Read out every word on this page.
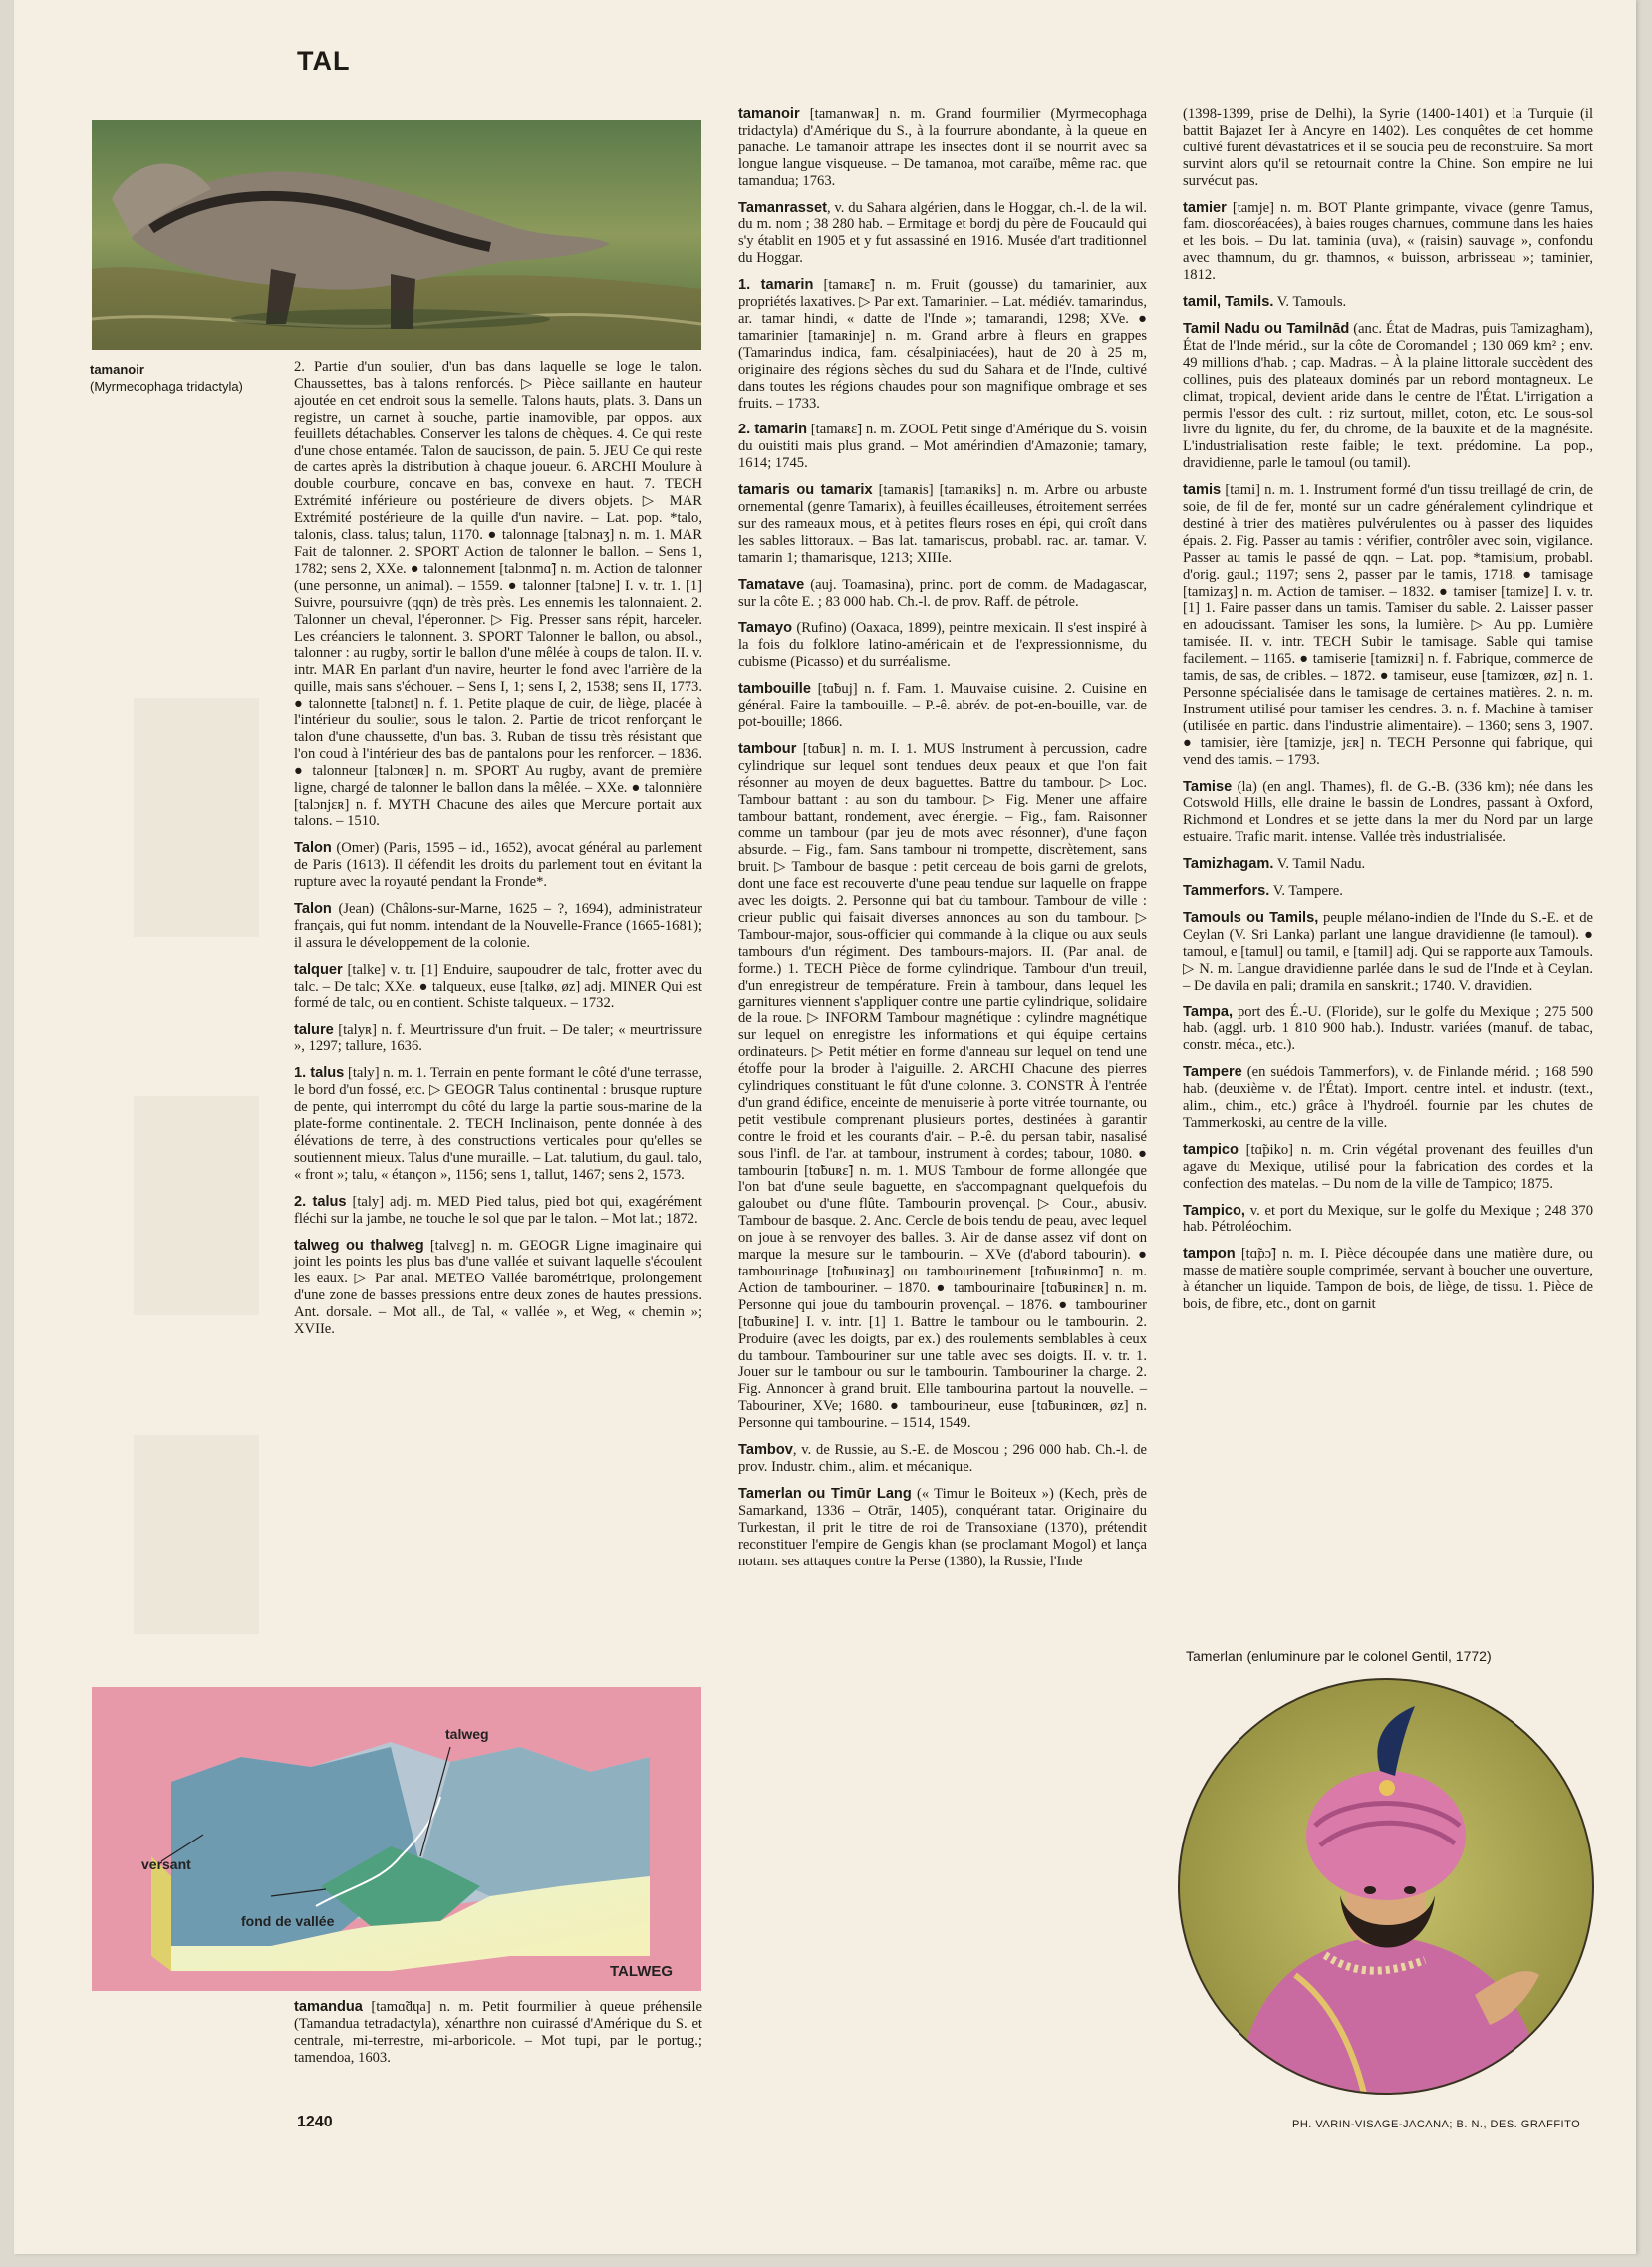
TAL
tamanoir
(Myrmecophaga tridactyla)
2. Partie d'un soulier, d'un bas dans laquelle se loge le talon. Chaussettes, bas à talons renforcés. ▷ Pièce saillante en hauteur ajoutée en cet endroit sous la semelle. Talons hauts, plats. 3. Dans un registre, un carnet à souche, partie inamovible, par oppos. aux feuillets détachables. Conserver les talons de chèques. 4. Ce qui reste d'une chose entamée. Talon de saucisson, de pain. 5. JEU Ce qui reste de cartes après la distribution à chaque joueur. 6. ARCHI Moulure à double courbure, concave en bas, convexe en haut. 7. TECH Extrémité inférieure ou postérieure de divers objets. ▷ MAR Extrémité postérieure de la quille d'un navire. – Lat. pop. *talo, talonis, class. talus; talun, 1170. ● talonnage [talɔnaʒ] n. m. 1. MAR Fait de talonner. 2. SPORT Action de talonner le ballon. – Sens 1, 1782; sens 2, XXe. ● talonnement [talɔnmɑ̃] n. m. Action de talonner (une personne, un animal). – 1559. ● talonner [talɔne] I. v. tr. 1. [1] Suivre, poursuivre (qqn) de très près. Les ennemis les talonnaient. 2. Talonner un cheval, l'éperonner. ▷ Fig. Presser sans répit, harceler. Les créanciers le talonnent. 3. SPORT Talonner le ballon, ou absol., talonner : au rugby, sortir le ballon d'une mêlée à coups de talon. II. v. intr. MAR En parlant d'un navire, heurter le fond avec l'arrière de la quille, mais sans s'échouer. – Sens I, 1; sens I, 2, 1538; sens II, 1773. ● talonnette [talɔnɛt] n. f. 1. Petite plaque de cuir, de liège, placée à l'intérieur du soulier, sous le talon. 2. Partie de tricot renforçant le talon d'une chaussette, d'un bas. 3. Ruban de tissu très résistant que l'on coud à l'intérieur des bas de pantalons pour les renforcer. – 1836. ● talonneur [talɔnœʀ] n. m. SPORT Au rugby, avant de première ligne, chargé de talonner le ballon dans la mêlée. – XXe. ● talonnière [talɔnjɛʀ] n. f. MYTH Chacune des ailes que Mercure portait aux talons. – 1510.
Talon (Omer) (Paris, 1595 – id., 1652), avocat général au parlement de Paris (1613). Il défendit les droits du parlement tout en évitant la rupture avec la royauté pendant la Fronde*.
Talon (Jean) (Châlons-sur-Marne, 1625 – ?, 1694), administrateur français, qui fut nomm. intendant de la Nouvelle-France (1665-1681); il assura le développement de la colonie.
talquer [talke] v. tr. [1] Enduire, saupoudrer de talc, frotter avec du talc. – De talc; XXe. ● talqueux, euse [talkø, øz] adj. MINER Qui est formé de talc, ou en contient. Schiste talqueux. – 1732.
talure [talyʀ] n. f. Meurtrissure d'un fruit. – De taler; « meurtrissure », 1297; tallure, 1636.
1. talus [taly] n. m. 1. Terrain en pente formant le côté d'une terrasse, le bord d'un fossé, etc. ▷ GEOGR Talus continental : brusque rupture de pente, qui interrompt du côté du large la partie sous-marine de la plate-forme continentale. 2. TECH Inclinaison, pente donnée à des élévations de terre, à des constructions verticales pour qu'elles se soutiennent mieux. Talus d'une muraille. – Lat. talutium, du gaul. talo, « front »; talu, « étançon », 1156; sens 1, tallut, 1467; sens 2, 1573.
2. talus [taly] adj. m. MED Pied talus, pied bot qui, exagérément fléchi sur la jambe, ne touche le sol que par le talon. – Mot lat.; 1872.
talweg ou thalweg [talvɛg] n. m. GEOGR Ligne imaginaire qui joint les points les plus bas d'une vallée et suivant laquelle s'écoulent les eaux. ▷ Par anal. METEO Vallée barométrique, prolongement d'une zone de basses pressions entre deux zones de hautes pressions. Ant. dorsale. – Mot all., de Tal, « vallée », et Weg, « chemin »; XVIIe.
talweg
versant
fond de vallée
TALWEG
tamandua [tamɑ̃dɥa] n. m. Petit fourmilier à queue préhensile (Tamandua tetradactyla), xénarthre non cuirassé d'Amérique du S. et centrale, mi-terrestre, mi-arboricole. – Mot tupi, par le portug.; tamendoa, 1603.
tamanoir [tamanwaʀ] n. m. Grand fourmilier (Myrmecophaga tridactyla) d'Amérique du S., à la fourrure abondante, à la queue en panache. Le tamanoir attrape les insectes dont il se nourrit avec sa longue langue visqueuse. – De tamanoa, mot caraïbe, même rac. que tamandua; 1763.
Tamanrasset, v. du Sahara algérien, dans le Hoggar, ch.-l. de la wil. du m. nom ; 38 280 hab. – Ermitage et bordj du père de Foucauld qui s'y établit en 1905 et y fut assassiné en 1916. Musée d'art traditionnel du Hoggar.
1. tamarin [tamaʀɛ̃] n. m. Fruit (gousse) du tamarinier, aux propriétés laxatives. ▷ Par ext. Tamarinier. – Lat. médiév. tamarindus, ar. tamar hindi, « datte de l'Inde »; tamarandi, 1298; XVe. ● tamarinier [tamaʀinje] n. m. Grand arbre à fleurs en grappes (Tamarindus indica, fam. césalpiniacées), haut de 20 à 25 m, originaire des régions sèches du sud du Sahara et de l'Inde, cultivé dans toutes les régions chaudes pour son magnifique ombrage et ses fruits. – 1733.
2. tamarin [tamaʀɛ̃] n. m. ZOOL Petit singe d'Amérique du S. voisin du ouistiti mais plus grand. – Mot amérindien d'Amazonie; tamary, 1614; 1745.
tamaris ou tamarix [tamaʀis] [tamaʀiks] n. m. Arbre ou arbuste ornemental (genre Tamarix), à feuilles écailleuses, étroitement serrées sur des rameaux mous, et à petites fleurs roses en épi, qui croît dans les sables littoraux. – Bas lat. tamariscus, probabl. rac. ar. tamar. V. tamarin 1; thamarisque, 1213; XIIIe.
Tamatave (auj. Toamasina), princ. port de comm. de Madagascar, sur la côte E. ; 83 000 hab. Ch.-l. de prov. Raff. de pétrole.
Tamayo (Rufino) (Oaxaca, 1899), peintre mexicain. Il s'est inspiré à la fois du folklore latino-américain et de l'expressionnisme, du cubisme (Picasso) et du surréalisme.
tambouille [tɑ̃buj] n. f. Fam. 1. Mauvaise cuisine. 2. Cuisine en général. Faire la tambouille. – P.-ê. abrév. de pot-en-bouille, var. de pot-bouille; 1866.
tambour [tɑ̃buʀ] n. m. I. 1. MUS Instrument à percussion, cadre cylindrique sur lequel sont tendues deux peaux et que l'on fait résonner au moyen de deux baguettes. Battre du tambour. ▷ Loc. Tambour battant : au son du tambour. ▷ Fig. Mener une affaire tambour battant, rondement, avec énergie. – Fig., fam. Raisonner comme un tambour (par jeu de mots avec résonner), d'une façon absurde. – Fig., fam. Sans tambour ni trompette, discrètement, sans bruit. ▷ Tambour de basque : petit cerceau de bois garni de grelots, dont une face est recouverte d'une peau tendue sur laquelle on frappe avec les doigts. 2. Personne qui bat du tambour. Tambour de ville : crieur public qui faisait diverses annonces au son du tambour. ▷ Tambour-major, sous-officier qui commande à la clique ou aux seuls tambours d'un régiment. Des tambours-majors. II. (Par anal. de forme.) 1. TECH Pièce de forme cylindrique. Tambour d'un treuil, d'un enregistreur de température. Frein à tambour, dans lequel les garnitures viennent s'appliquer contre une partie cylindrique, solidaire de la roue. ▷ INFORM Tambour magnétique : cylindre magnétique sur lequel on enregistre les informations et qui équipe certains ordinateurs. ▷ Petit métier en forme d'anneau sur lequel on tend une étoffe pour la broder à l'aiguille. 2. ARCHI Chacune des pierres cylindriques constituant le fût d'une colonne. 3. CONSTR À l'entrée d'un grand édifice, enceinte de menuiserie à porte vitrée tournante, ou petit vestibule comprenant plusieurs portes, destinées à garantir contre le froid et les courants d'air. – P.-ê. du persan tabir, nasalisé sous l'infl. de l'ar. at tambour, instrument à cordes; tabour, 1080. ● tambourin [tɑ̃buʀɛ̃] n. m. 1. MUS Tambour de forme allongée que l'on bat d'une seule baguette, en s'accompagnant quelquefois du galoubet ou d'une flûte. Tambourin provençal. ▷ Cour., abusiv. Tambour de basque. 2. Anc. Cercle de bois tendu de peau, avec lequel on joue à se renvoyer des balles. 3. Air de danse assez vif dont on marque la mesure sur le tambourin. – XVe (d'abord tabourin). ● tambourinage [tɑ̃buʀinaʒ] ou tambourinement [tɑ̃buʀinmɑ̃] n. m. Action de tambouriner. – 1870. ● tambourinaire [tɑ̃buʀinɛʀ] n. m. Personne qui joue du tambourin provençal. – 1876. ● tambouriner [tɑ̃buʀine] I. v. intr. [1] 1. Battre le tambour ou le tambourin. 2. Produire (avec les doigts, par ex.) des roulements semblables à ceux du tambour. Tambouriner sur une table avec ses doigts. II. v. tr. 1. Jouer sur le tambour ou sur le tambourin. Tambouriner la charge. 2. Fig. Annoncer à grand bruit. Elle tambourina partout la nouvelle. – Tabouriner, XVe; 1680. ● tambourineur, euse [tɑ̃buʀinœʀ, øz] n. Personne qui tambourine. – 1514, 1549.
Tambov, v. de Russie, au S.-E. de Moscou ; 296 000 hab. Ch.-l. de prov. Industr. chim., alim. et mécanique.
Tamerlan ou Timūr Lang (« Timur le Boiteux ») (Kech, près de Samarkand, 1336 – Otrār, 1405), conquérant tatar. Originaire du Turkestan, il prit le titre de roi de Transoxiane (1370), prétendit reconstituer l'empire de Gengis khan (se proclamant Mogol) et lança notam. ses attaques contre la Perse (1380), la Russie, l'Inde
(1398-1399, prise de Delhi), la Syrie (1400-1401) et la Turquie (il battit Bajazet Ier à Ancyre en 1402). Les conquêtes de cet homme cultivé furent dévastatrices et il se soucia peu de reconstruire. Sa mort survint alors qu'il se retournait contre la Chine. Son empire ne lui survécut pas.
tamier [tamje] n. m. BOT Plante grimpante, vivace (genre Tamus, fam. dioscoréacées), à baies rouges charnues, commune dans les haies et les bois. – Du lat. taminia (uva), « (raisin) sauvage », confondu avec thamnum, du gr. thamnos, « buisson, arbrisseau »; taminier, 1812.
tamil, Tamils. V. Tamouls.
Tamil Nadu ou Tamilnād (anc. État de Madras, puis Tamizagham), État de l'Inde mérid., sur la côte de Coromandel ; 130 069 km² ; env. 49 millions d'hab. ; cap. Madras. – À la plaine littorale succèdent des collines, puis des plateaux dominés par un rebord montagneux. Le climat, tropical, devient aride dans le centre de l'État. L'irrigation a permis l'essor des cult. : riz surtout, millet, coton, etc. Le sous-sol livre du lignite, du fer, du chrome, de la bauxite et de la magnésite. L'industrialisation reste faible; le text. prédomine. La pop., dravidienne, parle le tamoul (ou tamil).
tamis [tami] n. m. 1. Instrument formé d'un tissu treillagé de crin, de soie, de fil de fer, monté sur un cadre généralement cylindrique et destiné à trier des matières pulvérulentes ou à passer des liquides épais. 2. Fig. Passer au tamis : vérifier, contrôler avec soin, vigilance. Passer au tamis le passé de qqn. – Lat. pop. *tamisium, probabl. d'orig. gaul.; 1197; sens 2, passer par le tamis, 1718. ● tamisage [tamizaʒ] n. m. Action de tamiser. – 1832. ● tamiser [tamize] I. v. tr. [1] 1. Faire passer dans un tamis. Tamiser du sable. 2. Laisser passer en adoucissant. Tamiser les sons, la lumière. ▷ Au pp. Lumière tamisée. II. v. intr. TECH Subir le tamisage. Sable qui tamise facilement. – 1165. ● tamiserie [tamizʀi] n. f. Fabrique, commerce de tamis, de sas, de cribles. – 1872. ● tamiseur, euse [tamizœʀ, øz] n. 1. Personne spécialisée dans le tamisage de certaines matières. 2. n. m. Instrument utilisé pour tamiser les cendres. 3. n. f. Machine à tamiser (utilisée en partic. dans l'industrie alimentaire). – 1360; sens 3, 1907. ● tamisier, ière [tamizje, jɛʀ] n. TECH Personne qui fabrique, qui vend des tamis. – 1793.
Tamise (la) (en angl. Thames), fl. de G.-B. (336 km); née dans les Cotswold Hills, elle draine le bassin de Londres, passant à Oxford, Richmond et Londres et se jette dans la mer du Nord par un large estuaire. Trafic marit. intense. Vallée très industrialisée.
Tamizhagam. V. Tamil Nadu.
Tammerfors. V. Tampere.
Tamouls ou Tamils, peuple mélano-indien de l'Inde du S.-E. et de Ceylan (V. Sri Lanka) parlant une langue dravidienne (le tamoul). ● tamoul, e [tamul] ou tamil, e [tamil] adj. Qui se rapporte aux Tamouls. ▷ N. m. Langue dravidienne parlée dans le sud de l'Inde et à Ceylan. – De davila en pali; dramila en sanskrit.; 1740. V. dravidien.
Tampa, port des É.-U. (Floride), sur le golfe du Mexique ; 275 500 hab. (aggl. urb. 1 810 900 hab.). Industr. variées (manuf. de tabac, constr. méca., etc.).
Tampere (en suédois Tammerfors), v. de Finlande mérid. ; 168 590 hab. (deuxième v. de l'État). Import. centre intel. et industr. (text., alim., chim., etc.) grâce à l'hydroél. fournie par les chutes de Tammerkoski, au centre de la ville.
tampico [tɑ̃piko] n. m. Crin végétal provenant des feuilles d'un agave du Mexique, utilisé pour la fabrication des cordes et la confection des matelas. – Du nom de la ville de Tampico; 1875.
Tampico, v. et port du Mexique, sur le golfe du Mexique ; 248 370 hab. Pétroléochim.
tampon [tɑ̃pɔ̃] n. m. I. Pièce découpée dans une matière dure, ou masse de matière souple comprimée, servant à boucher une ouverture, à étancher un liquide. Tampon de bois, de liège, de tissu. 1. Pièce de bois, de fibre, etc., dont on garnit
Tamerlan (enluminure par le colonel Gentil, 1772)
1240	PH. VARIN-VISAGE-JACANA; B. N., DES. GRAFFITO
